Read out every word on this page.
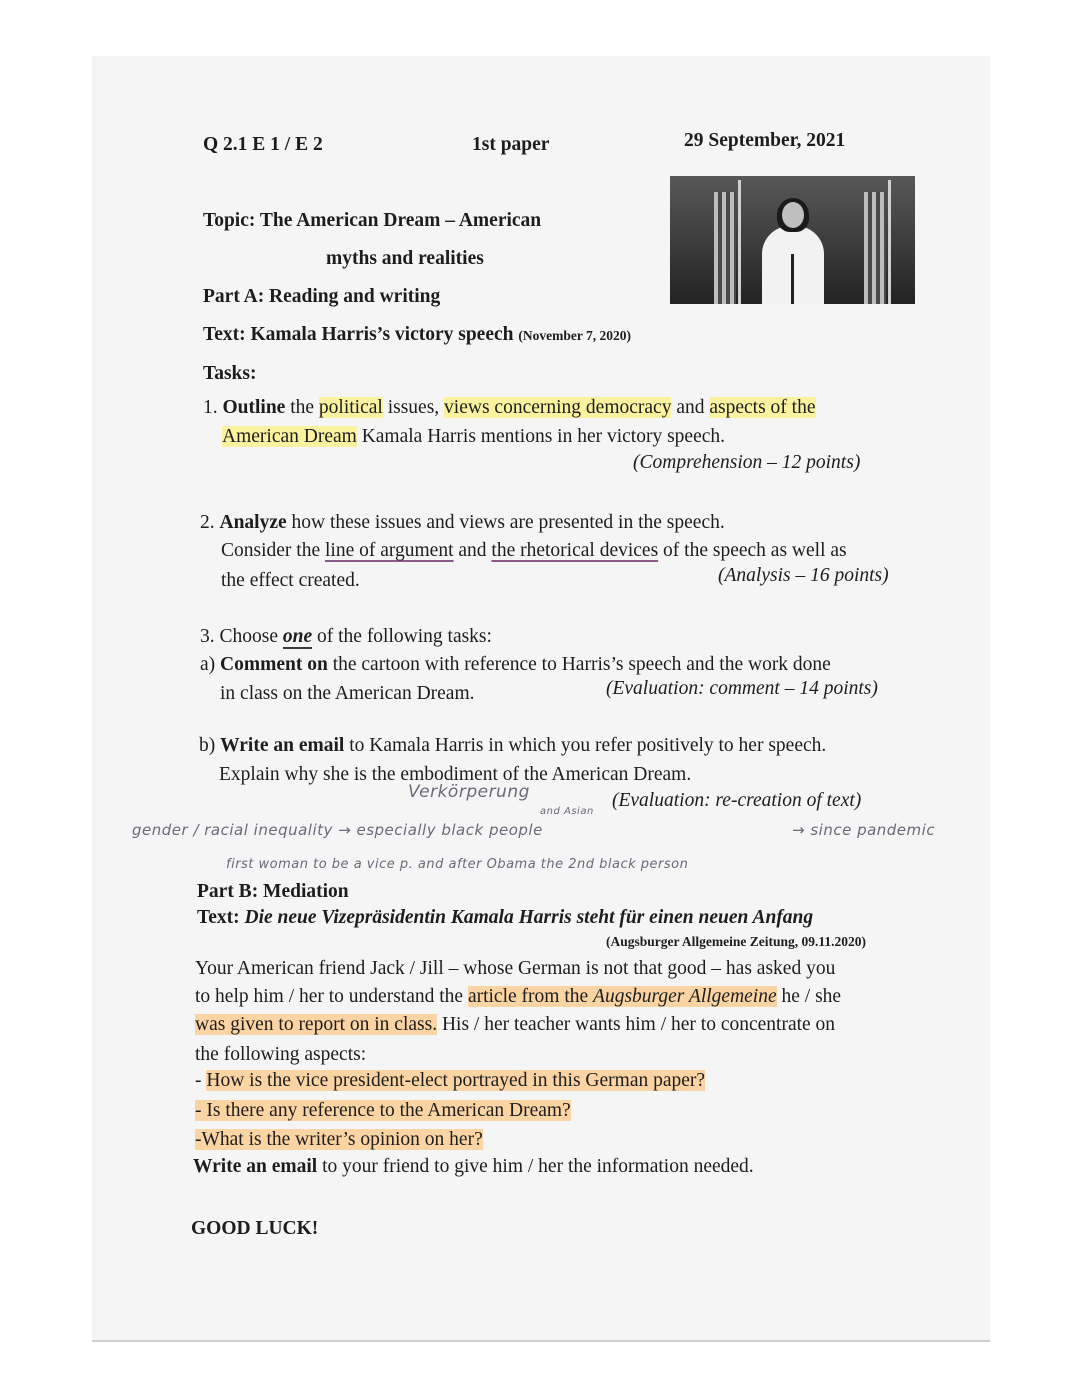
Q 2.1 E 1 / E 2	1st paper	29 September, 2021
Topic: The American Dream – American
myths and realities
Part A: Reading and writing
Text: Kamala Harris’s victory speech (November 7, 2020)
Tasks:
1. Outline the political issues, views concerning democracy and aspects of the
American Dream Kamala Harris mentions in her victory speech.
(Comprehension – 12 points)
2. Analyze how these issues and views are presented in the speech.
Consider the line of argument and the rhetorical devices of the speech as well as
the effect created.	(Analysis – 16 points)
3. Choose one of the following tasks:
a) Comment on the cartoon with reference to Harris’s speech and the work done
in class on the American Dream.	(Evaluation: comment – 14 points)
b) Write an email to Kamala Harris in which you refer positively to her speech.
Explain why she is the embodiment of the American Dream.
(Evaluation: re-creation of text)
Verkörperung
and Asian
gender / racial inequality → especially black people	→ since pandemic
first woman to be a vice p. and after Obama the 2nd black person
Part B: Mediation
Text: Die neue Vizepräsidentin Kamala Harris steht für einen neuen Anfang
(Augsburger Allgemeine Zeitung, 09.11.2020)
Your American friend Jack / Jill – whose German is not that good – has asked you
to help him / her to understand the article from the Augsburger Allgemeine he / she
was given to report on in class. His / her teacher wants him / her to concentrate on
the following aspects:
- How is the vice president-elect portrayed in this German paper?
- Is there any reference to the American Dream?
-What is the writer’s opinion on her?
Write an email to your friend to give him / her the information needed.
GOOD LUCK!
